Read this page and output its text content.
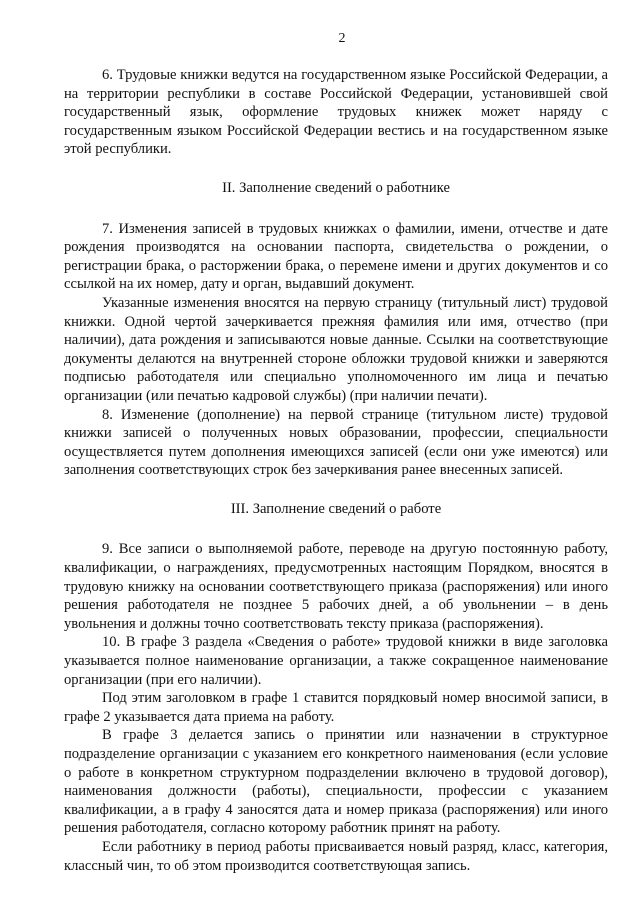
2

6. Трудовые книжки ведутся на государственном языке Российской Федерации, а на территории республики в составе Российской Федерации, установившей свой государственный язык, оформление трудовых книжек может наряду с государственным языком Российской Федерации вестись и на государственном языке этой республики.

II. Заполнение сведений о работнике

7. Изменения записей в трудовых книжках о фамилии, имени, отчестве и дате рождения производятся на основании паспорта, свидетельства о рождении, о регистрации брака, о расторжении брака, о перемене имени и других документов и со ссылкой на их номер, дату и орган, выдавший документ.

Указанные изменения вносятся на первую страницу (титульный лист) трудовой книжки. Одной чертой зачеркивается прежняя фамилия или имя, отчество (при наличии), дата рождения и записываются новые данные. Ссылки на соответствующие документы делаются на внутренней стороне обложки трудовой книжки и заверяются подписью работодателя или специально уполномоченного им лица и печатью организации (или печатью кадровой службы) (при наличии печати).

8. Изменение (дополнение) на первой странице (титульном листе) трудовой книжки записей о полученных новых образовании, профессии, специальности осуществляется путем дополнения имеющихся записей (если они уже имеются) или заполнения соответствующих строк без зачеркивания ранее внесенных записей.

III. Заполнение сведений о работе

9. Все записи о выполняемой работе, переводе на другую постоянную работу, квалификации, о награждениях, предусмотренных настоящим Порядком, вносятся в трудовую книжку на основании соответствующего приказа (распоряжения) или иного решения работодателя не позднее 5 рабочих дней, а об увольнении – в день увольнения и должны точно соответствовать тексту приказа (распоряжения).

10. В графе 3 раздела «Сведения о работе» трудовой книжки в виде заголовка указывается полное наименование организации, а также сокращенное наименование организации (при его наличии).

Под этим заголовком в графе 1 ставится порядковый номер вносимой записи, в графе 2 указывается дата приема на работу.

В графе 3 делается запись о принятии или назначении в структурное подразделение организации с указанием его конкретного наименования (если условие о работе в конкретном структурном подразделении включено в трудовой договор), наименования должности (работы), специальности, профессии с указанием квалификации, а в графу 4 заносятся дата и номер приказа (распоряжения) или иного решения работодателя, согласно которому работник принят на работу.

Если работнику в период работы присваивается новый разряд, класс, категория, классный чин, то об этом производится соответствующая запись.
